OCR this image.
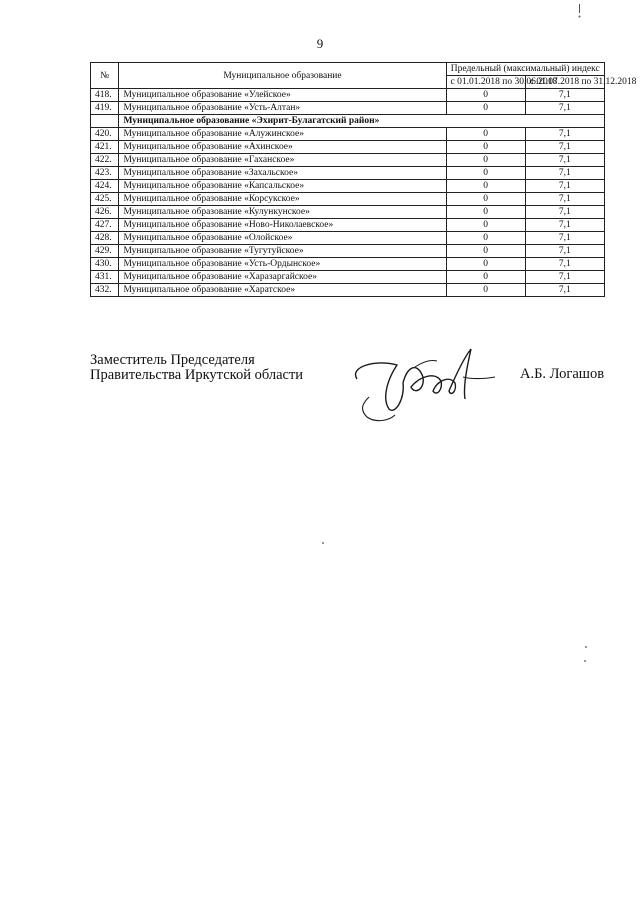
9
№	Муниципальное образование	Предельный (максимальный) индекс	
		с 01.01.2018 по 30.06.2018	с 01.07.2018 по 31.12.2018
418.	Муниципальное образование «Улейское»	0	7,1
419.	Муниципальное образование «Усть-Алтан»	0	7,1
	Муниципальное образование «Эхирит-Булагатский район»		
420.	Муниципальное образование «Алужинское»	0	7,1
421.	Муниципальное образование «Ахинское»	0	7,1
422.	Муниципальное образование «Гаханское»	0	7,1
423.	Муниципальное образование «Захальское»	0	7,1
424.	Муниципальное образование «Капсальское»	0	7,1
425.	Муниципальное образование «Корсукское»	0	7,1
426.	Муниципальное образование «Кулункунское»	0	7,1
427.	Муниципальное образование «Ново-Николаевское»	0	7,1
428.	Муниципальное образование «Олойское»	0	7,1
429.	Муниципальное образование «Тугутуйское»	0	7,1
430.	Муниципальное образование «Усть-Ордынское»	0	7,1
431.	Муниципальное образование «Харазаргайское»	0	7,1
432.	Муниципальное образование «Харатское»	0	7,1
Заместитель Председателя
Правительства Иркутской области	А.Б. Логашов
